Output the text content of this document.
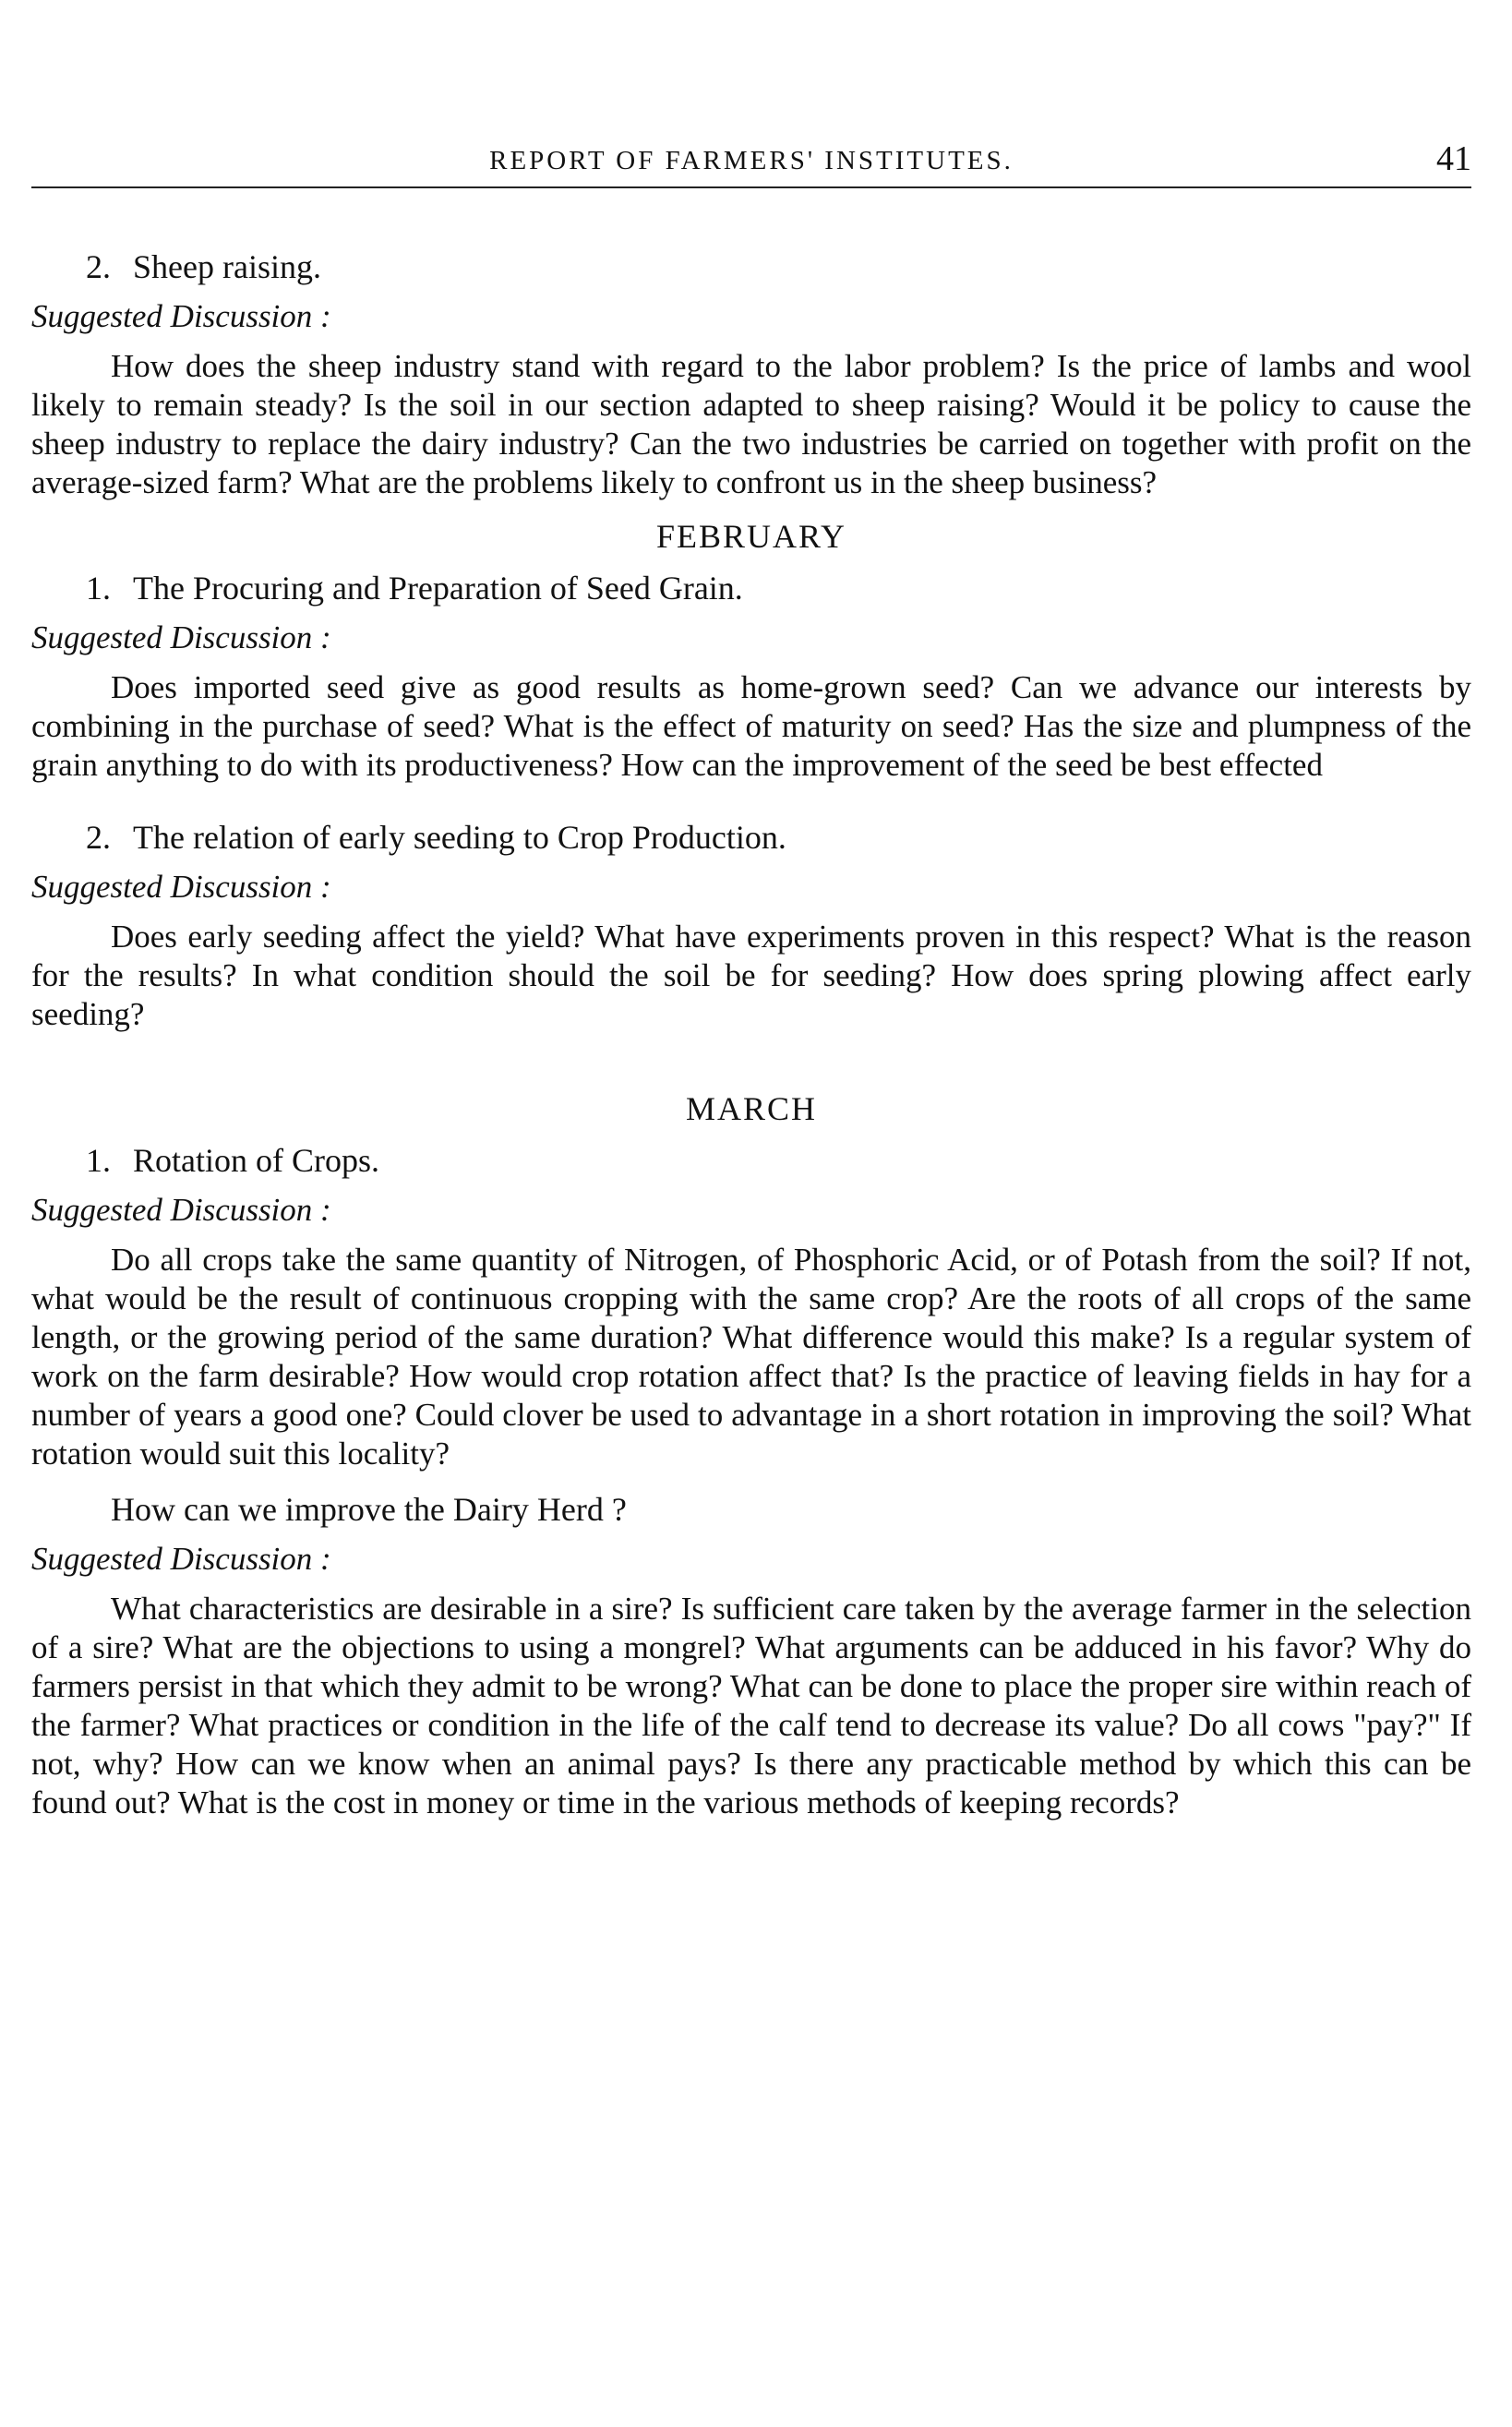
REPORT OF FARMERS' INSTITUTES.	41
2. Sheep raising.
Suggested Discussion :

How does the sheep industry stand with regard to the labor problem? Is the price of lambs and wool likely to remain steady? Is the soil in our section adapted to sheep raising? Would it be policy to cause the sheep industry to replace the dairy industry? Can the two industries be carried on together with profit on the average-sized farm? What are the problems likely to confront us in the sheep business?

FEBRUARY
1. The Procuring and Preparation of Seed Grain.
Suggested Discussion :

Does imported seed give as good results as home-grown seed? Can we advance our interests by combining in the purchase of seed? What is the effect of maturity on seed? Has the size and plumpness of the grain anything to do with its productiveness? How can the improvement of the seed be best effected

2. The relation of early seeding to Crop Production.
Suggested Discussion :

Does early seeding affect the yield? What have experiments proven in this respect? What is the reason for the results? In what condition should the soil be for seeding? How does spring plowing affect early seeding?

MARCH
1. Rotation of Crops.
Suggested Discussion :

Do all crops take the same quantity of Nitrogen, of Phosphoric Acid, or of Potash from the soil? If not, what would be the result of continuous cropping with the same crop? Are the roots of all crops of the same length, or the growing period of the same duration? What difference would this make? Is a regular system of work on the farm desirable? How would crop rotation affect that? Is the practice of leaving fields in hay for a number of years a good one? Could clover be used to advantage in a short rotation in improving the soil? What rotation would suit this locality?

How can we improve the Dairy Herd ?
Suggested Discussion :

What characteristics are desirable in a sire? Is sufficient care taken by the average farmer in the selection of a sire? What are the objections to using a mongrel? What arguments can be adduced in his favor? Why do farmers persist in that which they admit to be wrong? What can be done to place the proper sire within reach of the farmer? What practices or condition in the life of the calf tend to decrease its value? Do all cows "pay?" If not, why? How can we know when an animal pays? Is there any practicable method by which this can be found out? What is the cost in money or time in the various methods of keeping records?
